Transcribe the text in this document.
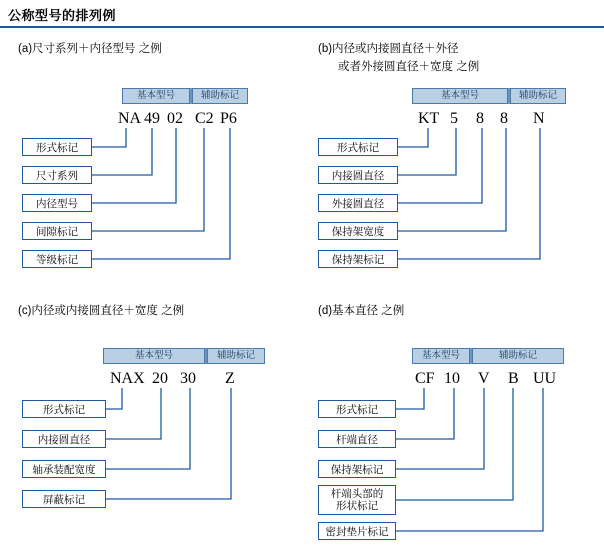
公称型号的排列例
(a)尺寸系列＋内径型号 之例
基本型号	辅助标记
NA 49 02 C2 P6
形式标记
尺寸系列
内径型号
间隙标记
等级标记
(b)内径或内接圆直径＋外径
或者外接圆直径＋宽度 之例
基本型号	辅助标记
KT 5 8 8 N
形式标记
内接圆直径
外接圆直径
保持架宽度
保持架标记
(c)内径或内接圆直径＋宽度 之例
基本型号	辅助标记
NAX 20 30 Z
形式标记
内接圆直径
轴承装配宽度
屏蔽标记
(d)基本直径 之例
基本型号	辅助标记
CF 10 V B UU
形式标记
杆端直径
保持架标记
杆端头部的
形状标记
密封垫片标记
